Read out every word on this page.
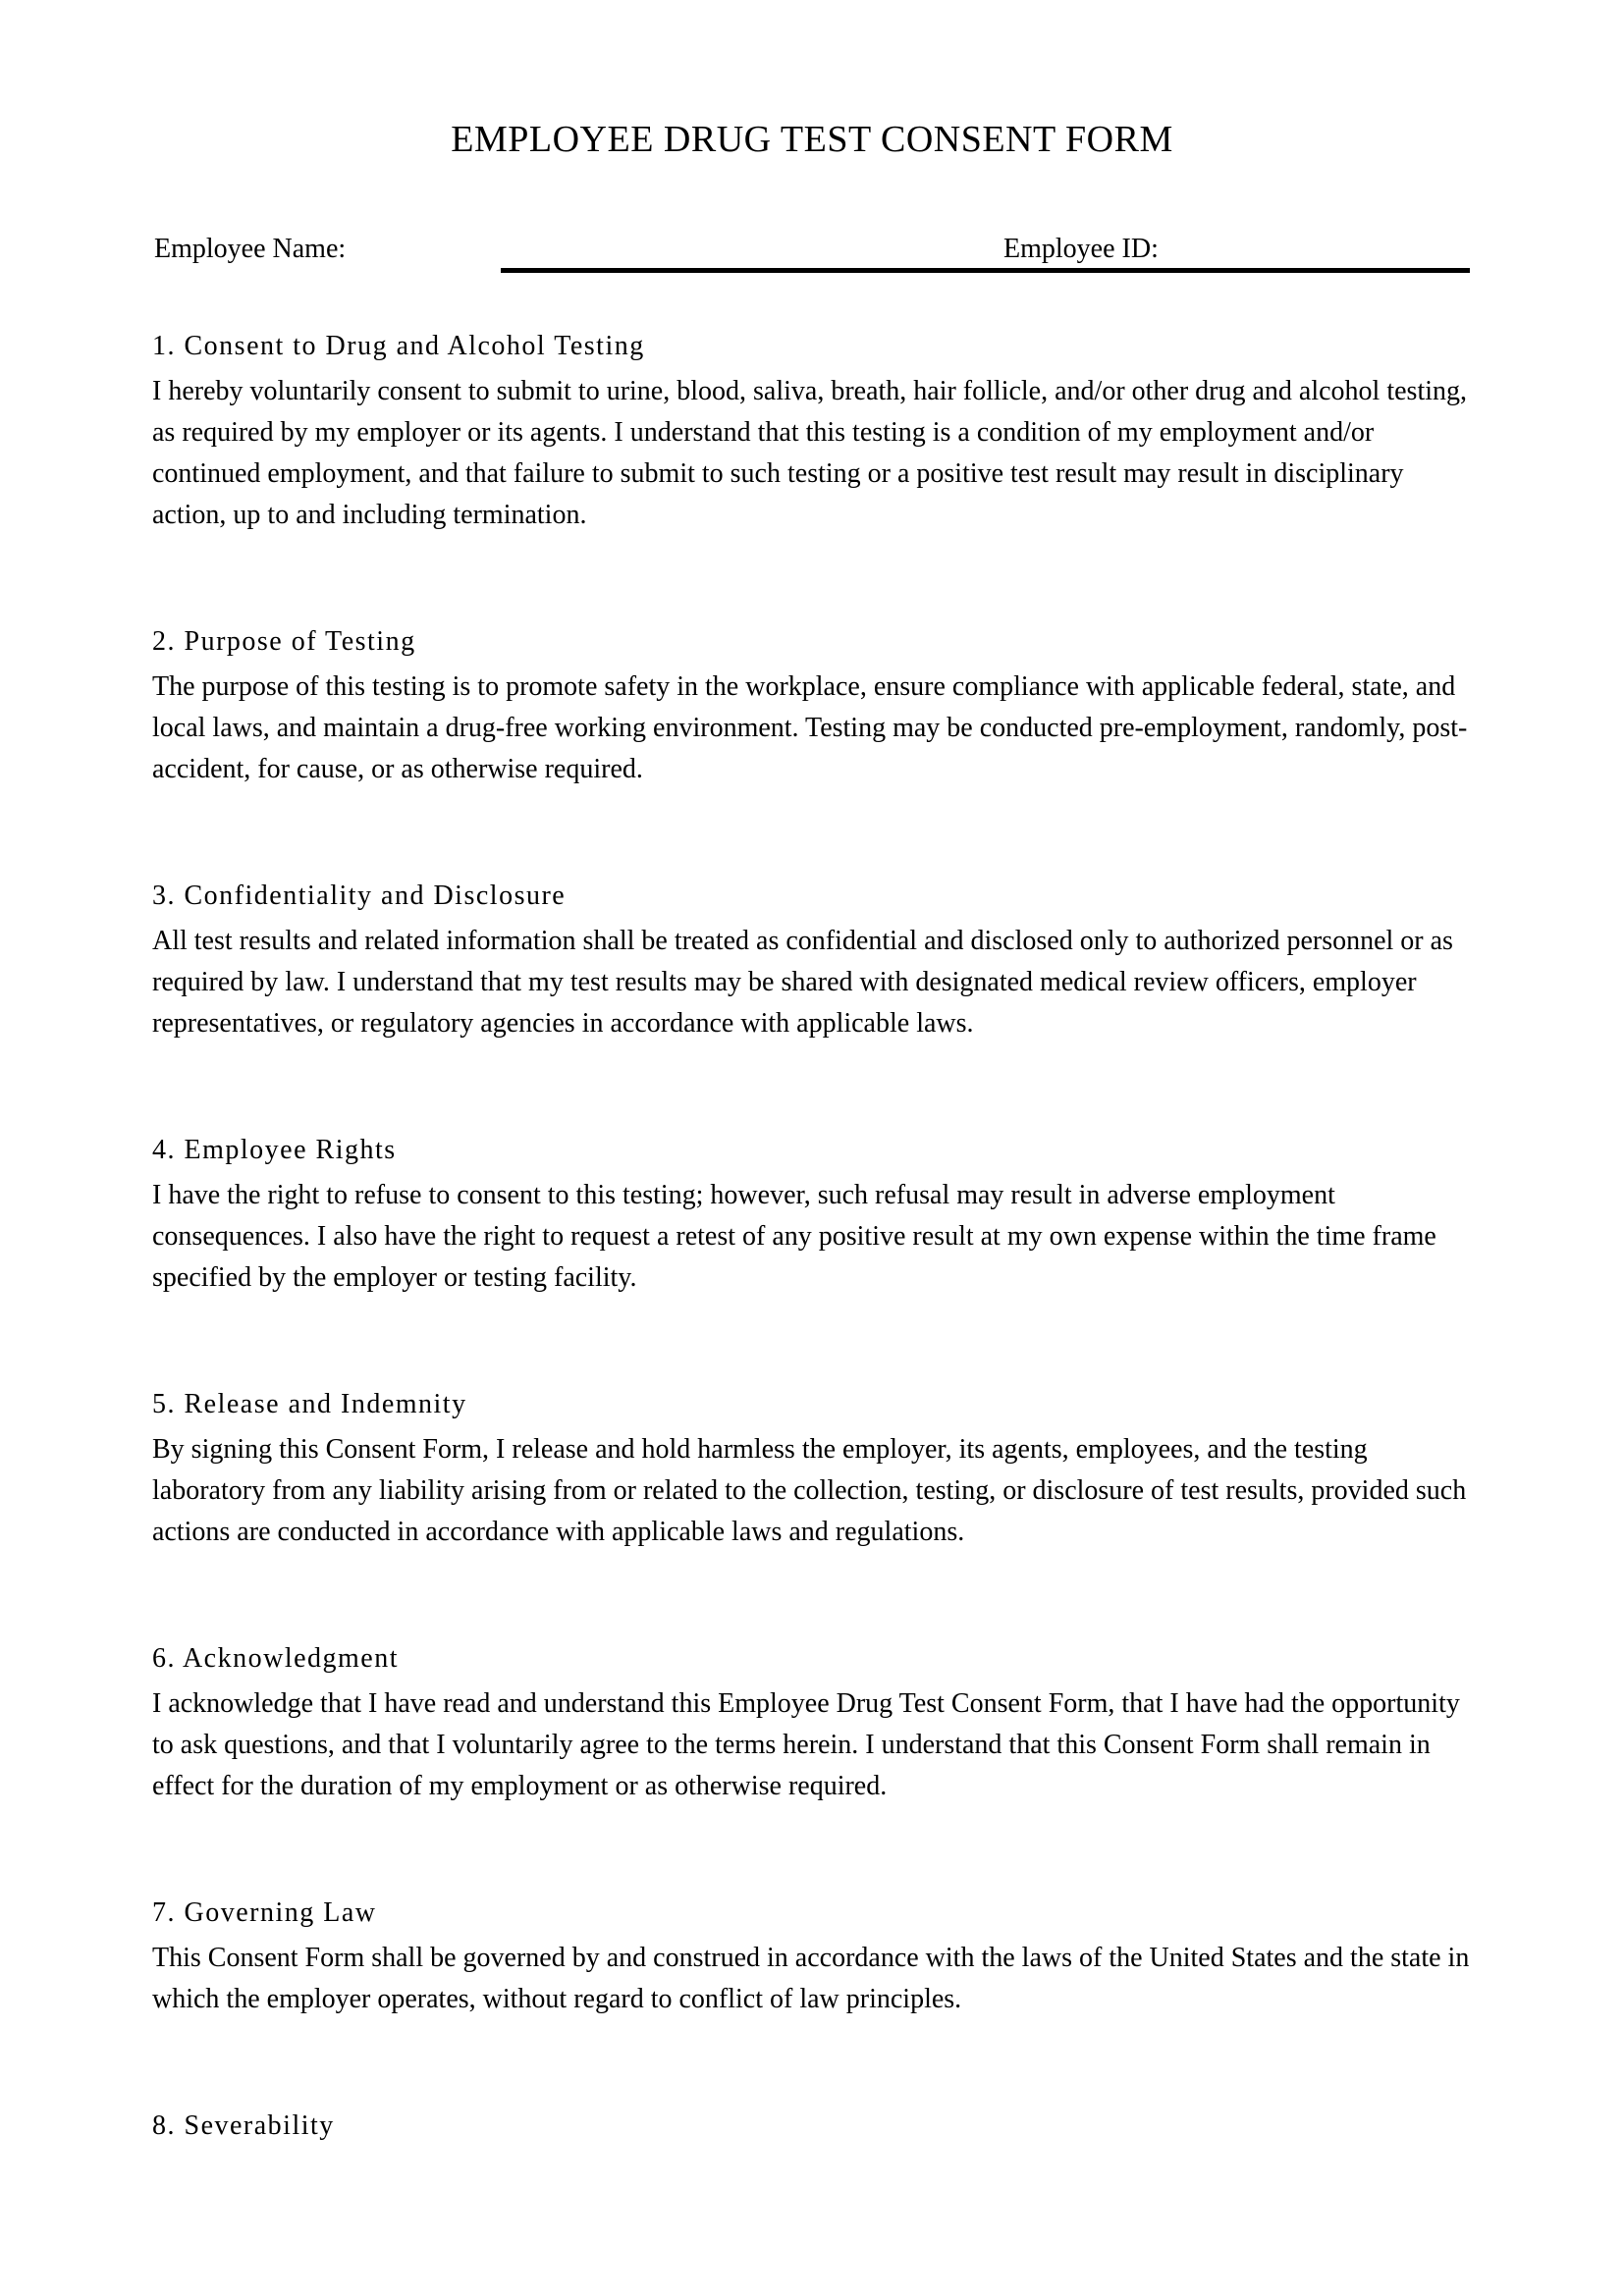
EMPLOYEE DRUG TEST CONSENT FORM
Employee Name:	Employee ID:
1. Consent to Drug and Alcohol Testing

I hereby voluntarily consent to submit to urine, blood, saliva, breath, hair follicle, and/or other drug and alcohol testing, as required by my employer or its agents. I understand that this testing is a condition of my employment and/or continued employment, and that failure to submit to such testing or a positive test result may result in disciplinary action, up to and including termination.

2. Purpose of Testing

The purpose of this testing is to promote safety in the workplace, ensure compliance with applicable federal, state, and local laws, and maintain a drug-free working environment. Testing may be conducted pre-employment, randomly, post-accident, for cause, or as otherwise required.

3. Confidentiality and Disclosure

All test results and related information shall be treated as confidential and disclosed only to authorized personnel or as required by law. I understand that my test results may be shared with designated medical review officers, employer representatives, or regulatory agencies in accordance with applicable laws.

4. Employee Rights

I have the right to refuse to consent to this testing; however, such refusal may result in adverse employment consequences. I also have the right to request a retest of any positive result at my own expense within the time frame specified by the employer or testing facility.

5. Release and Indemnity

By signing this Consent Form, I release and hold harmless the employer, its agents, employees, and the testing laboratory from any liability arising from or related to the collection, testing, or disclosure of test results, provided such actions are conducted in accordance with applicable laws and regulations.

6. Acknowledgment

I acknowledge that I have read and understand this Employee Drug Test Consent Form, that I have had the opportunity to ask questions, and that I voluntarily agree to the terms herein. I understand that this Consent Form shall remain in effect for the duration of my employment or as otherwise required.

7. Governing Law

This Consent Form shall be governed by and construed in accordance with the laws of the United States and the state in which the employer operates, without regard to conflict of law principles.

8. Severability
